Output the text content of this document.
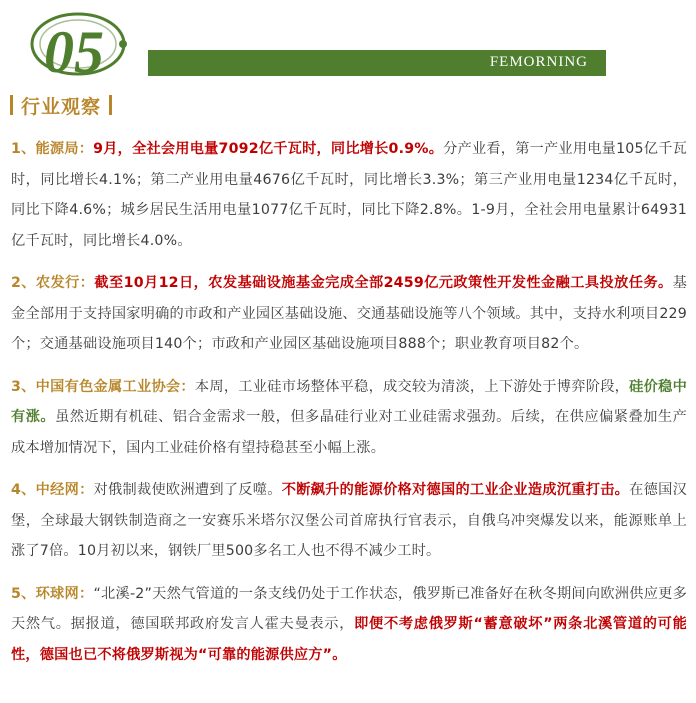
05	FEMORNING
行业观察

1、能源局：9月，全社会用电量7092亿千瓦时，同比增长0.9%。分产业看，第一产业用电量105亿千瓦时，同比增长4.1%；第二产业用电量4676亿千瓦时，同比增长3.3%；第三产业用电量1234亿千瓦时，同比下降4.6%；城乡居民生活用电量1077亿千瓦时，同比下降2.8%。1-9月，全社会用电量累计64931亿千瓦时，同比增长4.0%。

2、农发行：截至10月12日，农发基础设施基金完成全部2459亿元政策性开发性金融工具投放任务。基金全部用于支持国家明确的市政和产业园区基础设施、交通基础设施等八个领域。其中，支持水利项目229个；交通基础设施项目140个；市政和产业园区基础设施项目888个；职业教育项目82个。

3、中国有色金属工业协会：本周，工业硅市场整体平稳，成交较为清淡，上下游处于博弈阶段，硅价稳中有涨。虽然近期有机硅、铝合金需求一般，但多晶硅行业对工业硅需求强劲。后续，在供应偏紧叠加生产成本增加情况下，国内工业硅价格有望持稳甚至小幅上涨。

4、中经网：对俄制裁使欧洲遭到了反噬。不断飙升的能源价格对德国的工业企业造成沉重打击。在德国汉堡，全球最大钢铁制造商之一安赛乐米塔尔汉堡公司首席执行官表示，自俄乌冲突爆发以来，能源账单上涨了7倍。10月初以来，钢铁厂里500多名工人也不得不减少工时。

5、环球网：“北溪-2”天然气管道的一条支线仍处于工作状态，俄罗斯已准备好在秋冬期间向欧洲供应更多天然气。据报道，德国联邦政府发言人霍夫曼表示，即便不考虑俄罗斯“蓄意破坏”两条北溪管道的可能性，德国也已不将俄罗斯视为“可靠的能源供应方”。
